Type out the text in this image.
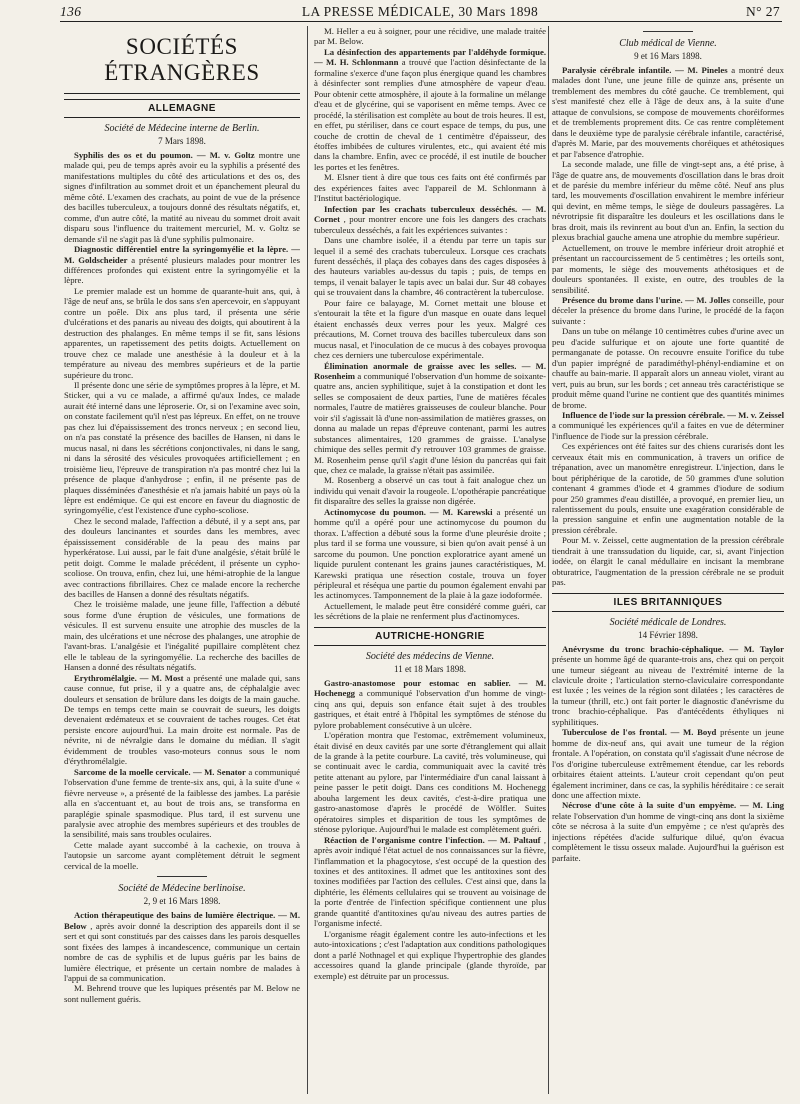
136	LA PRESSE MÉDICALE, 30 Mars 1898	N° 27
SOCIÉTÉS ÉTRANGÈRES
ALLEMAGNE
Société de Médecine interne de Berlin.
7 Mars 1898.

Syphilis des os et du poumon. — M. v. Goltz montre une malade qui, peu de temps après avoir eu la syphilis a présenté des manifestations multiples du côté des articulations et des os, des signes d'infiltration au sommet droit et un épanchement pleural du même côté. L'examen des crachats, au point de vue de la présence des bacilles tuberculeux, a toujours donné des résultats négatifs, et, comme, d'un autre côté, la matité au niveau du sommet droit avait disparu sous l'influence du traitement mercuriel, M. v. Goltz se demande s'il ne s'agit pas là d'une syphilis pulmonaire.

Diagnostic différentiel entre la syringomyélie et la lèpre. — M. Goldscheider a présenté plusieurs malades pour montrer les différences profondes qui existent entre la syringomyélie et la lèpre.

Le premier malade est un homme de quarante-huit ans, qui, à l'âge de neuf ans, se brûla le dos sans s'en apercevoir, en s'appuyant contre un poêle. Dix ans plus tard, il présenta une série d'ulcérations et des panaris au niveau des doigts, qui aboutirent à la destruction des phalanges. En même temps il se fit, sans lésions apparentes, un rapetissement des petits doigts. Actuellement on trouve chez ce malade une anesthésie à la douleur et à la température au niveau des membres supérieurs et de la partie supérieure du tronc.

Il présente donc une série de symptômes propres à la lèpre, et M. Sticker, qui a vu ce malade, a affirmé qu'aux Indes, ce malade aurait été interné dans une léproserie. Or, si on l'examine avec soin, on constate facilement qu'il n'est pas lépreux. En effet, on ne trouve pas chez lui d'épaississement des troncs nerveux ; en second lieu, on n'a pas constaté la présence des bacilles de Hansen, ni dans le mucus nasal, ni dans les sécrétions conjonctivales, ni dans le sang, ni dans la sérosité des vésicules provoquées artificiellement ; en troisième lieu, l'épreuve de transpiration n'a pas montré chez lui la présence de plaque d'anhydrose ; enfin, il ne présente pas de plaques disséminées d'anesthésie et n'a jamais habité un pays où la lèpre est endémique. Ce qui est encore en faveur du diagnostic de syringomyélie, c'est l'existence d'une cypho-scoliose.

Chez le second malade, l'affection a débuté, il y a sept ans, par des douleurs lancinantes et sourdes dans les membres, avec épaississement considérable de la peau des mains par hyperkératose. Lui aussi, par le fait d'une analgésie, s'était brûlé le petit doigt. Comme le malade précédent, il présente un cypho-scoliose. On trouva, enfin, chez lui, une hémi-atrophie de la langue avec contractions fibrillaires. Chez ce malade encore la recherche des bacilles de Hansen a donné des résultats négatifs.

Chez le troisième malade, une jeune fille, l'affection a débuté sous forme d'une éruption de vésicules, une formations de vésicules. Il est survenu ensuite une atrophie des muscles de la main, des ulcérations et une nécrose des phalanges, une atrophie de l'avant-bras. L'analgésie et l'inégalité pupillaire complètent chez elle le tableau de la syringomyélie. La recherche des bacilles de Hansen a donné des résultats négatifs.

Erythromélalgie. — M. Most a présenté une malade qui, sans cause connue, fut prise, il y a quatre ans, de céphalalgie avec douleurs et sensation de brûlure dans les doigts de la main gauche. De temps en temps cette main se couvrait de sueurs, les doigts devenaient œdémateux et se couvraient de taches rouges. Cet état persiste encore aujourd'hui. La main droite est normale. Pas de névrite, ni de névralgie dans le domaine du médian. Il s'agit évidemment de troubles vaso-moteurs connus sous le nom d'érythromélalgie.

Sarcome de la moelle cervicale. — M. Senator a communiqué l'observation d'une femme de trente-six ans, qui, à la suite d'une « fièvre nerveuse », a présenté de la faiblesse des jambes. La parésie alla en s'accentuant et, au bout de trois ans, se transforma en paraplégie spinale spasmodique. Plus tard, il est survenu une paralysie avec atrophie des membres supérieurs et des troubles de la sensibilité, mais sans troubles oculaires.

Cette malade ayant succombé à la cachexie, on trouva à l'autopsie un sarcome ayant complètement détruit le segment cervical de la moelle.

Société de Médecine berlinoise.
2, 9 et 16 Mars 1898.

Action thérapeutique des bains de lumière électrique. — M. Below , après avoir donné la description des appareils dont il se sert et qui sont constitués par des caisses dans les parois desquelles sont fixées des lampes à incandescence, communique un certain nombre de cas de syphilis et de lupus guéris par les bains de lumière électrique, et présente un certain nombre de malades à l'appui de sa communication.

M. Behrend trouve que les lupiques présentés par M. Below ne sont nullement guéris.

M. Heller a eu à soigner, pour une récidive, une malade traitée par M. Below.

La désinfection des appartements par l'aldéhyde formique. — M. H. Schlonmann a trouvé que l'action désinfectante de la formaline s'exerce d'une façon plus énergique quand les chambres à désinfecter sont remplies d'une atmosphère de vapeur d'eau. Pour obtenir cette atmosphère, il ajoute à la formaline un mélange d'eau et de glycérine, qui se vaporisent en même temps. Avec ce procédé, la stérilisation est complète au bout de trois heures. Il est, en effet, pu stériliser, dans ce court espace de temps, du pus, une couche de crottin de cheval de 1 centimètre d'épaisseur, des étoffes imbibées de cultures virulentes, etc., qui avaient été mis dans la chambre. Enfin, avec ce procédé, il est inutile de boucher les portes et les fenêtres.

M. Elsner tient à dire que tous ces faits ont été confirmés par des expériences faites avec l'appareil de M. Schlonmann à l'Institut bactériologique.

Infection par les crachats tuberculeux desséchés. — M. Cornet , pour montrer encore une fois les dangers des crachats tuberculeux desséchés, a fait les expériences suivantes :

Dans une chambre isolée, il a étendu par terre un tapis sur lequel il a semé des crachats tuberculeux. Lorsque ces crachats furent desséchés, il plaça des cobayes dans des cages disposées à des hauteurs variables au-dessus du tapis ; puis, de temps en temps, il venait balayer le tapis avec un balai dur. Sur 48 cobayes qui se trouvaient dans la chambre, 46 contractèrent la tuberculose.

Pour faire ce balayage, M. Cornet mettait une blouse et s'entourait la tête et la figure d'un masque en ouate dans lequel étaient enchassés deux verres pour les yeux. Malgré ces précautions, M. Cornet trouva des bacilles tuberculeux dans son mucus nasal, et l'inoculation de ce mucus à des cobayes provoqua chez ces derniers une tuberculose expérimentale.

Élimination anormale de graisse avec les selles. — M. Rosenheim a communiqué l'observation d'un homme de soixante-quatre ans, ancien syphilitique, sujet à la constipation et dont les selles se composaient de deux parties, l'une de matières fécales normales, l'autre de matières graisseuses de couleur blanche. Pour voir s'il s'agissait là d'une non-assimilation de matières grasses, on donna au malade un repas d'épreuve contenant, parmi les autres substances alimentaires, 120 grammes de graisse. L'analyse chimique des selles permit d'y retrouver 103 grammes de graisse. M. Rosenheim pense qu'il s'agit d'une lésion du pancréas qui fait que, chez ce malade, la graisse n'était pas assimilée.

M. Rosenberg a observé un cas tout à fait analogue chez un individu qui venait d'avoir la rougeole. L'opothérapie pancréatique fit disparaître des selles la graisse non digérée.

Actinomycose du poumon. — M. Karewski a présenté un homme qu'il a opéré pour une actinomycose du poumon du thorax. L'affection a débuté sous la forme d'une pleurésie droite ; plus tard il se forma une voussure, si bien qu'on avait pensé à un sarcome du poumon. Une ponction exploratrice ayant amené un liquide purulent contenant les grains jaunes caractéristiques, M. Karewski pratiqua une résection costale, trouva un foyer péripleural et réséqua une partie du poumon également envahi par les actinomyces. Tamponnement de la plaie à la gaze iodoformée.

Actuellement, le malade peut être considéré comme guéri, car les sécrétions de la plaie ne renferment plus d'actinomyces.

AUTRICHE-HONGRIE
Société des médecins de Vienne.
11 et 18 Mars 1898.

Gastro-anastomose pour estomac en sablier. — M. Hochenegg a communiqué l'observation d'un homme de vingt-cinq ans qui, depuis son enfance était sujet à des troubles gastriques, et était entré à l'hôpital les symptômes de sténose du pylore probablement consécutive à un ulcère.

L'opération montra que l'estomac, extrêmement volumineux, était divisé en deux cavités par une sorte d'étranglement qui allait de la grande à la petite courbure. La cavité, très volumineuse, qui se continuait avec le cardia, communiquait avec la cavité très petite attenant au pylore, par l'intermédiaire d'un canal laissant à peine passer le petit doigt. Dans ces conditions M. Hochenegg abouha largement les deux cavités, c'est-à-dire pratiqua une gastro-anastomose d'après le procédé de Wölfler. Suites opératoires simples et disparition de tous les symptômes de sténose pylorique. Aujourd'hui le malade est complètement guéri.

Réaction de l'organisme contre l'infection. — M. Paltauf , après avoir indiqué l'état actuel de nos connaissances sur la fièvre, l'inflammation et la phagocytose, s'est occupé de la question des toxines et des antitoxines. Il admet que les antitoxines sont des toxines modifiées par l'action des cellules. C'est ainsi que, dans la diphtérie, les éléments cellulaires qui se trouvent au voisinage de la porte d'entrée de l'infection spécifique contiennent une plus grande quantité d'antitoxines qu'au niveau des autres parties de l'organisme infecté.

L'organisme réagit également contre les auto-infections et les auto-intoxications ; c'est l'adaptation aux conditions pathologiques dont a parlé Nothnagel et qui explique l'hypertrophie des glandes accessoires quand la glande principale (glande thyroïde, par exemple) est détruite par un processus.

Club médical de Vienne.
9 et 16 Mars 1898.

Paralysie cérébrale infantile. — M. Pineles a montré deux malades dont l'une, une jeune fille de quinze ans, présente un tremblement des membres du côté gauche. Ce tremblement, qui s'est manifesté chez elle à l'âge de deux ans, à la suite d'une attaque de convulsions, se compose de mouvements choréiformes et de tremblements proprement dits. Ce cas rentre complètement dans le deuxième type de paralysie cérébrale infantile, caractérisé, d'après M. Marie, par des mouvements choréiques et athétosiques et par l'absence d'atrophie.

La seconde malade, une fille de vingt-sept ans, a été prise, à l'âge de quatre ans, de mouvements d'oscillation dans le bras droit et de parésie du membre inférieur du même côté. Neuf ans plus tard, les mouvements d'oscillation envahirent le membre inférieur qui devint, en même temps, le siège de douleurs passagères. La névrotripsie fit disparaître les douleurs et les oscillations dans le bras droit, mais ils revinrent au bout d'un an. Enfin, la section du plexus brachial gauche amena une atrophie du membre supérieur.

Actuellement, on trouve le membre inférieur droit atrophié et présentant un raccourcissement de 5 centimètres ; les orteils sont, par moments, le siège des mouvements athétosiques et de douleurs spontanées. Il existe, en outre, des troubles de la sensibilité.

Présence du brome dans l'urine. — M. Jolles conseille, pour déceler la présence du brome dans l'urine, le procédé de la façon suivante :

Dans un tube on mélange 10 centimètres cubes d'urine avec un peu d'acide sulfurique et on ajoute une forte quantité de permanganate de potasse. On recouvre ensuite l'orifice du tube d'un papier imprégné de paradiméthyl-phényl-endiamine et on chauffe au bain-marie. Il apparaît alors un anneau violet, virant au vert, puis au brun, sur les bords ; cet anneau très caractéristique se produit même quand l'urine ne contient que des quantités minimes de brome.

Influence de l'iode sur la pression cérébrale. — M. v. Zeissel a communiqué les expériences qu'il a faites en vue de déterminer l'influence de l'iode sur la pression cérébrale.

Ces expériences ont été faites sur des chiens curarisés dont les cerveaux était mis en communication, à travers un orifice de trépanation, avec un manomètre enregistreur. L'injection, dans le bout périphérique de la carotide, de 50 grammes d'une solution contenant 4 grammes d'iode et 4 grammes d'iodure de sodium pour 250 grammes d'eau distillée, a provoqué, en premier lieu, un ralentissement du pouls, ensuite une exagération considérable de la pression sanguine et enfin une augmentation notable de la pression cérébrale.

Pour M. v. Zeissel, cette augmentation de la pression cérébrale tiendrait à une transsudation du liquide, car, si, avant l'injection iodée, on élargit le canal médullaire en incisant la membrane obturatrice, l'augmentation de la pression cérébrale ne se produit pas.

ILES BRITANNIQUES
Société médicale de Londres.
14 Février 1898.

Anévrysme du tronc brachio-céphalique. — M. Taylor présente un homme âgé de quarante-trois ans, chez qui on perçoit une tumeur siégeant au niveau de l'extrémité interne de la clavicule droite ; l'articulation sterno-claviculaire correspondante est luxée ; les veines de la région sont dilatées ; les caractères de la tumeur (thrill, etc.) ont fait porter le diagnostic d'anévrisme du tronc brachio-céphalique. Pas d'antécédents éthyliques ni syphilitiques.

Tuberculose de l'os frontal. — M. Boyd présente un jeune homme de dix-neuf ans, qui avait une tumeur de la région frontale. A l'opération, on constata qu'il s'agissait d'une nécrose de l'os d'origine tuberculeuse extrêmement étendue, car les rebords orbitaires étaient atteints. L'auteur croit cependant qu'on peut également incriminer, dans ce cas, la syphilis héréditaire : ce serait donc une affection mixte.

Nécrose d'une côte à la suite d'un empyème. — M. Ling relate l'observation d'un homme de vingt-cinq ans dont la sixième côte se nécrosa à la suite d'un empyème ; ce n'est qu'après des injections répétées d'acide sulfurique dilué, qu'on évacua complètement le tissu osseux malade. Aujourd'hui la guérison est parfaite.
